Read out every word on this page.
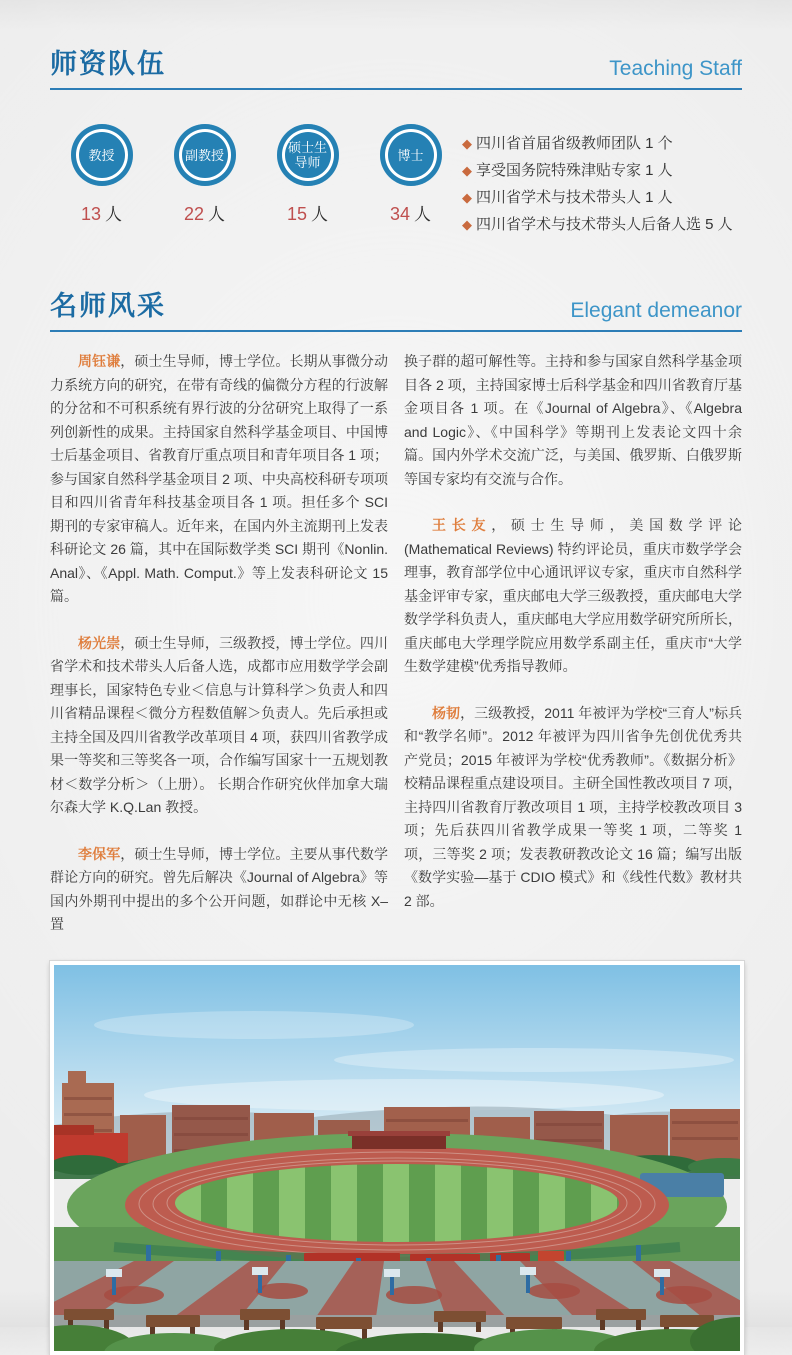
师资队伍	Teaching Staff
教授
13 人
副教授
22 人
硕士生导师
15 人
博士
34 人
◆ 四川省首届省级教师团队 1 个
◆ 享受国务院特殊津贴专家 1 人
◆ 四川省学术与技术带头人 1 人
◆ 四川省学术与技术带头人后备人选 5 人
名师风采	Elegant demeanor

周钰谦，硕士生导师，博士学位。长期从事微分动力系统方向的研究，在带有奇线的偏微分方程的行波解的分岔和不可积系统有界行波的分岔研究上取得了一系列创新性的成果。主持国家自然科学基金项目、中国博士后基金项目、省教育厅重点项目和青年项目各 1 项；参与国家自然科学基金项目 2 项、中央高校科研专项项目和四川省青年科技基金项目各 1 项。担任多个 SCI 期刊的专家审稿人。近年来，在国内外主流期刊上发表科研论文 26 篇，其中在国际数学类 SCI 期刊《Nonlin. Anal》、《Appl. Math. Comput.》等上发表科研论文 15 篇。

杨光崇，硕士生导师，三级教授，博士学位。四川省学术和技术带头人后备人选，成都市应用数学学会副理事长，国家特色专业＜信息与计算科学＞负责人和四川省精品课程＜微分方程数值解＞负责人。先后承担或主持全国及四川省教学改革项目 4 项，获四川省教学成果一等奖和三等奖各一项，合作编写国家十一五规划教材＜数学分析＞（上册）。 长期合作研究伙伴加拿大瑞尔森大学 K.Q.Lan 教授。

李保军，硕士生导师，博士学位。主要从事代数学群论方向的研究。曾先后解决《Journal of Algebra》等国内外期刊中提出的多个公开问题，如群论中无核 X– 置

换子群的超可解性等。主持和参与国家自然科学基金项目各 2 项，主持国家博士后科学基金和四川省教育厅基金项目各 1 项。在《Journal of Algebra》、《Algebra and Logic》、《中国科学》等期刊上发表论文四十余篇。国内外学术交流广泛，与美国、俄罗斯、白俄罗斯等国专家均有交流与合作。

王长友，硕士生导师，美国数学评论 (Mathematical Reviews) 特约评论员，重庆市数学学会理事，教育部学位中心通讯评议专家，重庆市自然科学基金评审专家，重庆邮电大学三级教授，重庆邮电大学数学学科负责人，重庆邮电大学应用数学研究所所长，重庆邮电大学理学院应用数学系副主任，重庆市“大学生数学建模”优秀指导教师。

杨韧，三级教授，2011 年被评为学校“三育人”标兵和“教学名师”。2012 年被评为四川省争先创优优秀共产党员；2015 年被评为学校“优秀教师”。《数据分析》校精品课程重点建设项目。主研全国性教改项目 7 项，主持四川省教育厅教改项目 1 项，主持学校教改项目 3 项；先后获四川省教学成果一等奖 1 项，二等奖 1 项，三等奖 2 项；发表教研教改论文 16 篇；编写出版《数学实验—基于 CDIO 模式》和《线性代数》教材共 2 部。
